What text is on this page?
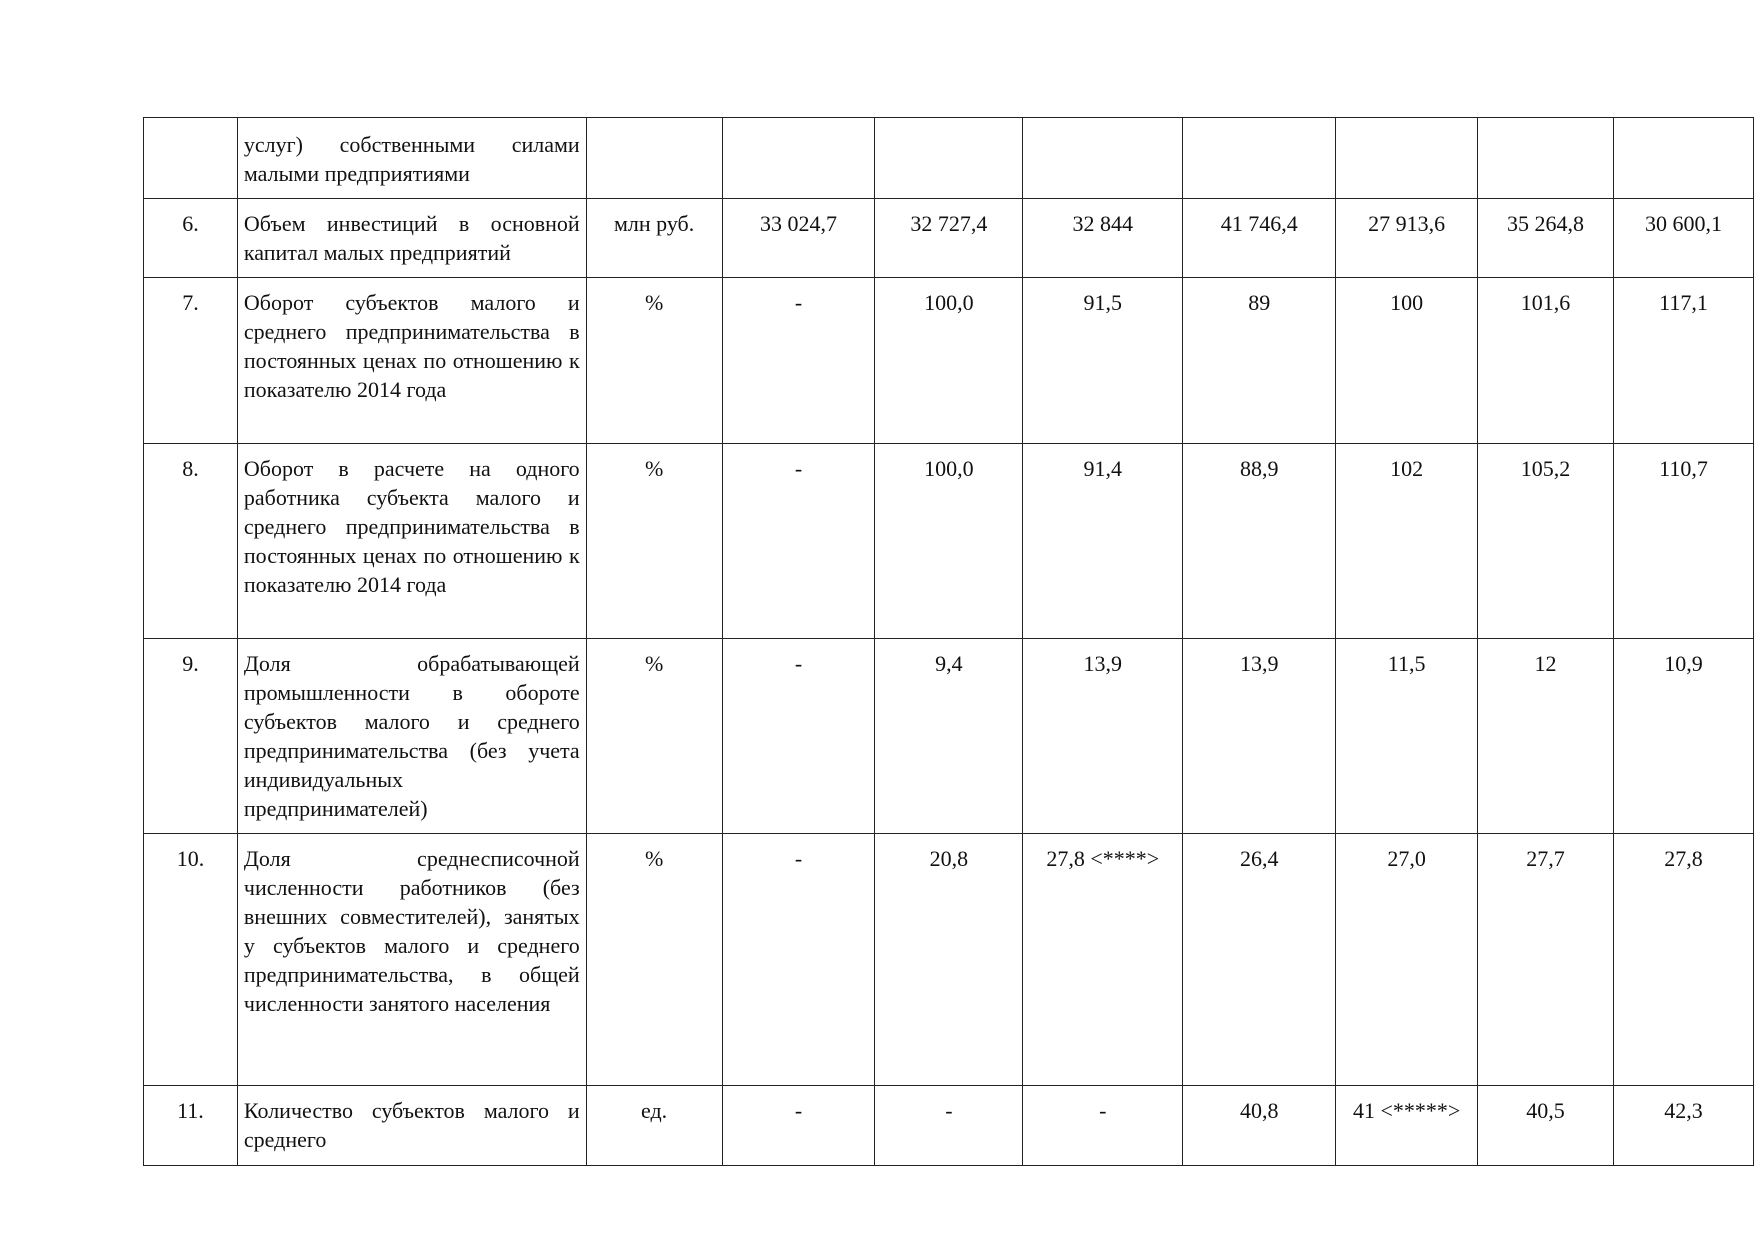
	услуг) собственными силами малыми предприятиями								
6.	Объем инвестиций в основной капитал малых предприятий	млн руб.	33 024,7	32 727,4	32 844	41 746,4	27 913,6	35 264,8	30 600,1
7.	Оборот субъектов малого и среднего предпринимательства в постоянных ценах по отношению к показателю 2014 года	%	-	100,0	91,5	89	100	101,6	117,1
8.	Оборот в расчете на одного работника субъекта малого и среднего предпринимательства в постоянных ценах по отношению к показателю 2014 года	%	-	100,0	91,4	88,9	102	105,2	110,7
9.	Доля обрабатывающей промышленности в обороте субъектов малого и среднего предпринимательства (без учета индивидуальных предпринимателей)	%	-	9,4	13,9	13,9	11,5	12	10,9
10.	Доля среднесписочной численности работников (без внешних совместителей), занятых у субъектов малого и среднего предпринимательства, в общей численности занятого населения	%	-	20,8	27,8 <****>	26,4	27,0	27,7	27,8
11.	Количество субъектов малого и среднего	ед.	-	-	-	40,8	41 <*****>	40,5	42,3
